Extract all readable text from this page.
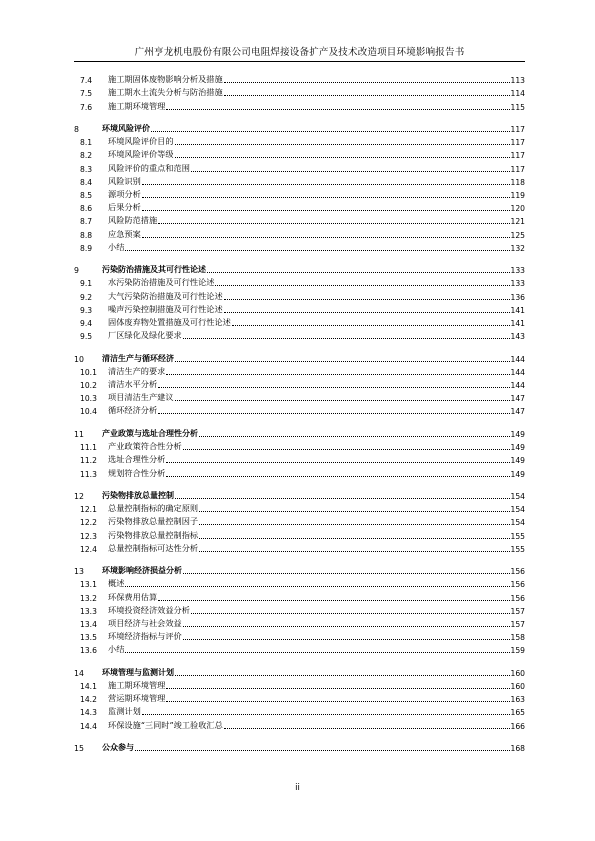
广州亨龙机电股份有限公司电阻焊接设备扩产及技术改造项目环境影响报告书
7.4	施工期固体废物影响分析及措施	113
7.5	施工期水土流失分析与防治措施	114
7.6	施工期环境管理	115
8	环境风险评价	117
8.1	环境风险评价目的	117
8.2	环境风险评价等级	117
8.3	风险评价的重点和范围	117
8.4	风险识别	118
8.5	源项分析	119
8.6	后果分析	120
8.7	风险防范措施	121
8.8	应急预案	125
8.9	小结	132
9	污染防治措施及其可行性论述	133
9.1	水污染防治措施及可行性论述	133
9.2	大气污染防治措施及可行性论述	136
9.3	噪声污染控制措施及可行性论述	141
9.4	固体废弃物处置措施及可行性论述	141
9.5	厂区绿化及绿化要求	143
10	清洁生产与循环经济	144
10.1	清洁生产的要求	144
10.2	清洁水平分析	144
10.3	项目清洁生产建议	147
10.4	循环经济分析	147
11	产业政策与选址合理性分析	149
11.1	产业政策符合性分析	149
11.2	选址合理性分析	149
11.3	规划符合性分析	149
12	污染物排放总量控制	154
12.1	总量控制指标的确定原则	154
12.2	污染物排放总量控制因子	154
12.3	污染物排放总量控制指标	155
12.4	总量控制指标可达性分析	155
13	环境影响经济损益分析	156
13.1	概述	156
13.2	环保费用估算	156
13.3	环境投资经济效益分析	157
13.4	项目经济与社会效益	157
13.5	环境经济指标与评价	158
13.6	小结	159
14	环境管理与监测计划	160
14.1	施工期环境管理	160
14.2	营运期环境管理	163
14.3	监测计划	165
14.4	环保设施“三同时”竣工验收汇总	166
15	公众参与	168
ii
